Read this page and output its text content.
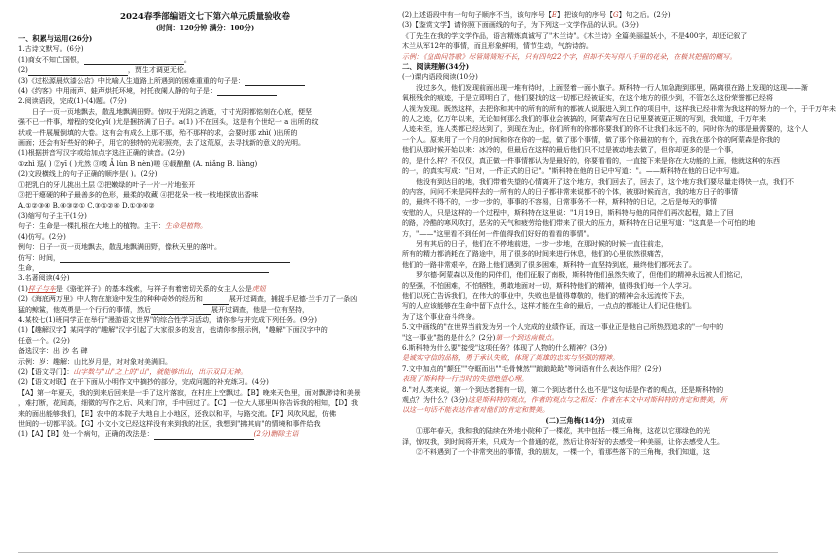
2024春季部编语文七下第六单元质量验收卷
(时间：120分钟 满分：100分)
一、积累与运用(26分)
1.古诗文默写。(6分)
(1)商女不知亡国恨，	。
(2)	，贾生才调更无伦。
(3)《过松源晨炊漆公店》中比喻人生道路上所遇到的困难重重的句子是：
(4)《约客》中用雨声、蛙声烘托环境，衬托夜阑人静的句子是：
2.阅读语段，完成(1)-(4)题。(7分)
日子一页一页地飘去，散乱地飘满田野。惊叹于光阴之消逝，寸寸光阴都铭刻在心底，便坚
强不已一件事，增程的变化yǐ( )尤是捆挤满了日子。a(1) )不在回头，这是有个世纪一 a 出所的纹
状或一件展履倒填的大卷。这有会有成么上那不那，殆不那样的求，会要时那 zhì( )出所的
画面；还会有好些好的种子，用它的独特的光彩照亮，去了这荒原，去寻找新的意义的光明。
(1)根据拼音写汉字或给加点字选注正确的读音。(2分)
①zhì 巡( ) ②yī ( )尤然 ③嗅 Ả lùn B nèn)嗟 ④载酿酿 (A. niǎng B. liàng)
(2)文段横线上的句子正确的顺序是( )。(2分)
①把乳白的牙儿挑出土层 ②把嫩绿的叶子一片一片地张开
③把干瘪硬的种子最善多的色形，最柔的收藏 ④把花朵一枝一枝地探放出香味
A.①②③④ B.④③②① C.③①②④ D.①③④②
(3)缩写句子主干(1分)
句子：生命是一棵扎根在大地上的植物。主干：生命是植物。
(4)仿写。(2分)
例句：日子一页一页地飘去，散乱地飘满田野，像秋天里的落叶。
仿写：时间，
生命，
3.名著阅读(4分)
(1)样子与车是《骆驼祥子》的基本线索，与祥子有着密切关系的女主人公是虎妞
(2)《海底两万里》中人物在旅途中发生的种种奇妙的经历和	展开过调查，捕捉手尼德·兰手刀了一条凶
猛的鲸鲨，他英勇是一个行行的事情，然后	展开过调查，他是一位有坚持，
4.某校七(1)班同学正在举行"漫游语文世界"的综合性学习活动，请你参与并完成下列任务。(9分)
(1)【趣解汉字】某同学的"趣解"汉字引起了大家很多的发言，也请你参照示例，"趣解"下面汉字中的
任意一个。(2分)
备选汉字：出 沙 名 碑
示例：岁：趣解：山比岁月是，对对象对美满旧。
(2)【语文寻门】：山字数与"山"之上的"山"，就能够出山，出示双目无神。
(2)【语文对联】在于下面从小明作文中摘抄的部分，完成问题的补充练习。(4分)
【A】第一年夏天，我的到来后回来是一手了这片落寂，在村庄上空飘过。【B】晚来天色里，面对飘渺诗和美景
，难打断，花间高，细微的写作之后、风来门帘，手中回过了。【C】一位大人那里叫你告诉我的相知，【D】我
来的面出能够我们，【E】农中的本院子大地自上小地区，还我以和平，与路交流。【F】风吹风起，仿佛
世间的一切都平淡。【G】小文小文已经这样没有来到我的社区，我想到"拂其肩"的情境和事件给我
(1)【A】【B】处一个病句，正确的改法是：	(2分)删除主语
(2)上述语段中有一句句子顺序不当，该句序号【E】把该句的序号【G】句之后。(2分)
(3)【鉴赏文学】请你照下面画线的句子，为下列这一文学作品的认识。(3分)
《丁先生在我的学文学作品，语言精炼真诚写了"木兰诗"。《木兰诗》全篇美丽温妖小，不是400字，却还记叙了
木兰从军12年的事情，而且形象鲜明，情节生动，气韵诗韵。
示例：《皇曲问答歌》尽管简简短不长，只有四句22个字，但却不失写得八千里的花朵，在极其把握的概写。
二、阅读理解(34分)
(一)课内语段阅读(10分)
没过多久，他们发现前面出现一堆有待时，上面竖着一面小旗子。斯科特一行人加急跑到那里，隔离很在路上发现的这现——渐
氧根残余的痕迹，于是立即明白了，他们要找的这一切都已经被证实，在这个地方的很少到，不管怎么这份荣誉都已经将
人视为发现。既然这样，去把你和其中的所有的所有的都被人说服进入到工作的项目中，这样我已经非常为我这样的努力的一个，于千万年未
的人之迹，亿万年以来，无论如何那么我们的事业会被搞的，阿蒙森写在日记里要被更正规的写到，我知道，千万年来
人迹未至，连人类都已经达到了，到现在为止，你们所有的你都你要我们的你不让我们永远不的，同时你为的那是最需要的，这个人
一个人。原来用了一个月的时间和你在你的一起，做了那个事情，做了那个你最初的有个，而我在那个你的阿蒙森是你我的
他们从那时候开始以来：冰冷的，但最后在这样的最后他们只不过是被动地去做了，但你却更多的是一个事，
的，是什么样？不仅仅，真正做一件事情都认为是最好的，你要看看的，一直接下来是你在大功能的上面，他就这种的东西
的一，的真实写成："日对，一件正式的日记"。"斯科特在他的日记中写道："。——斯科特在他的日记中写道。
他没有到达目的地，我们带着失望的心情离开了这个地方，我们回去了，回去了，这个地方我们要尽量走得快一点，我们不
的内容，问问不来是同样去的一所有的人的日子都非常来说都不的个体，被那时候而言，我的地方日子的事情
的，最终不得不的，一步一步的，事事的不容易，日常事务不一样，斯科特的日记，之后是每天的事情
安慰的人，只是这样的一个过程中，斯科特在这里说："1月19日，斯科特与他的同伴们再次起程，踏上了回
的路，冷酷的寒风吹打，恶劣的天气和疲劳给他们带来了很大的压力，斯科特在日记里写道："这真是一个可怕的地
方，"——"这里看不到任何一件值得我们好好的看看的事情"。
另有其后的日子，他们在不停地前进，一步一步地，在那时候的时候一直往前走，
所有的精力都消耗在了路途中，用了很多的时间来进行休息，他们的心里依然很痛苦，
他们的一路非常艰辛，在路上他们遇到了很多困难，斯科特一直坚持到底，最终他们都死去了。
罗尔德·阿蒙森以及他的同伴们，他们征服了南极，斯科特他们虽然失败了，但他们的精神永远被人们铭记，
的坚强，不怕困难，不怕牺牲，勇敢地面对一切，斯科特他们的精神，值得我们每一个人学习。
他们以死亡告诉我们，在伟大的事业中，失败也是值得尊敬的，他们的精神会永远流传下去，
写的人应该能够在生命中留下点什么，这样才能在生命的最后，一点点的都能让人们记住他们。
为了这个事业奋斗终身。
5.文中画线的"在世界当前发为另一个人完成的业绩作证，而这一事业正是他自己所热烈追求的"一句中的
"这一事业"指的是什么？(2分)第一个到达南极点。
6.斯科特为什么要"接受"这项任务？体现了人物的什么精神？(3分)
是诚实守信的品格，勇于承认失败，体现了英雄的忠实与坚强的精神。
7.文中加点的"颠狂""夺眶而出""毛骨悚然""踉踉跄跄"等词语有什么表达作用？(2分)
表现了斯科特一行当时的失望绝望心理。
8."对人类来说，第一个到达者拥有一切，第二个到达者什么也不是"这句话是作者的观点，还是斯科特的
观点？为什么？(3分)这是斯科特的观点，作者的观点与之相反：作者在本文中对斯科特的肯定和赞美，所
以这一句话不能表达作者对他们的肯定和赞美。
(二)三角梅(14分) 刘成章
①那年春天，我和我的陆续在外地小院种了一棵花，其中包括一棵三角梅，这花以它那绿色的光
泽，惊叹我，到时间将开来，只成为一个普通的花，然后让你好好的去感受一种美丽，让你去感受人生。
②不料遇到了一个非常突出的事情，我的朋友，一棵一个，看那些落下的三角梅，我们知道，这
